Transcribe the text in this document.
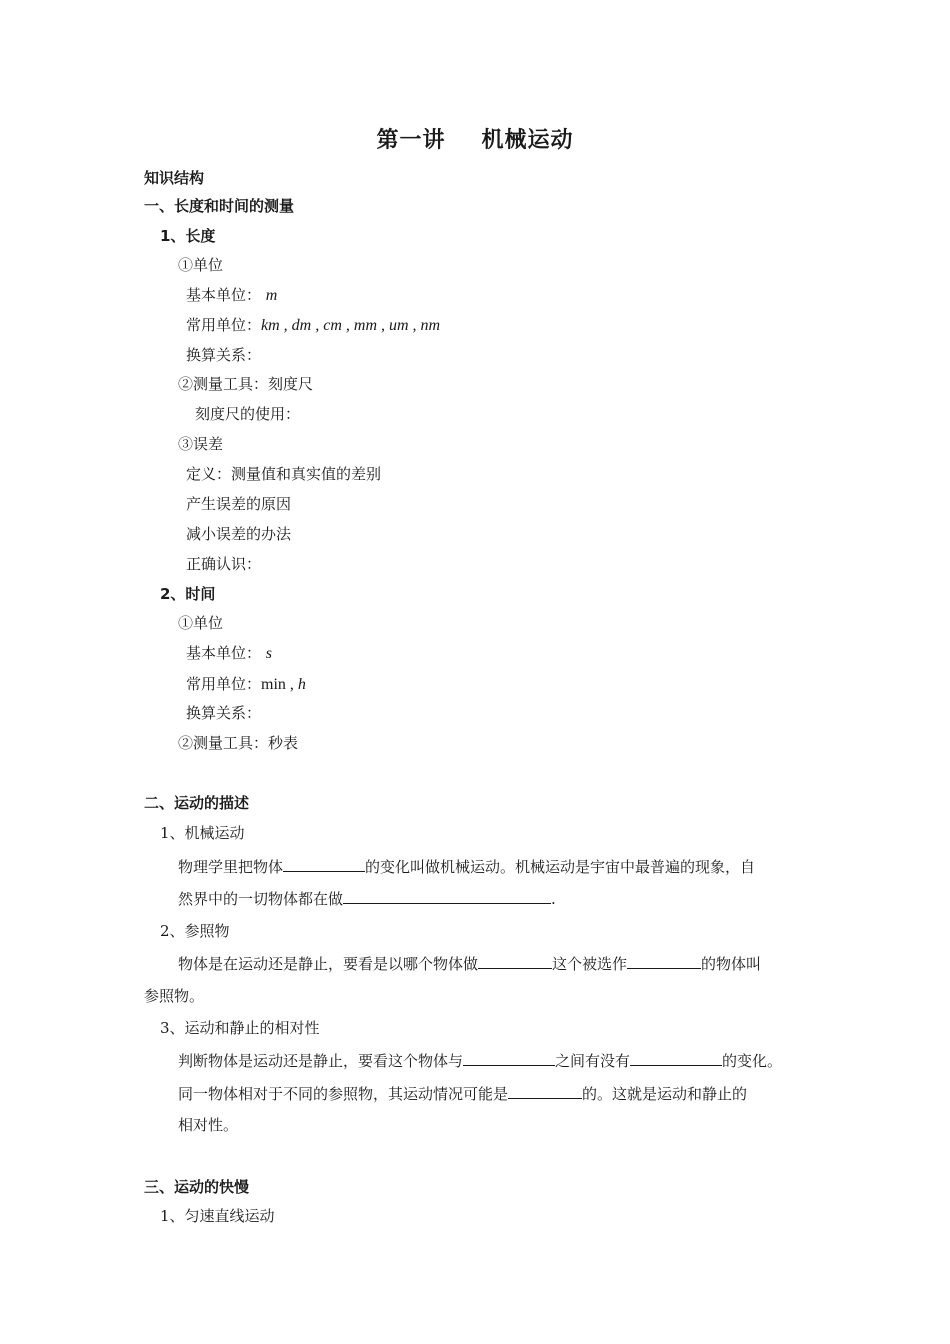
第一讲 机械运动
知识结构
一、长度和时间的测量
1、长度
①单位
基本单位： m
常用单位：km , dm , cm , mm , um , nm
换算关系：
②测量工具：刻度尺
刻度尺的使用：
③误差
定义：测量值和真实值的差别
产生误差的原因
减小误差的办法
正确认识：
2、时间
①单位
基本单位： s
常用单位：min , h
换算关系：
②测量工具：秒表
二、运动的描述
1、机械运动
物理学里把物体	的变化叫做机械运动。机械运动是宇宙中最普遍的现象，自
然界中的一切物体都在做	.
2、参照物
物体是在运动还是静止，要看是以哪个物体做	这个被选作	的物体叫
参照物。
3、运动和静止的相对性
判断物体是运动还是静止，要看这个物体与	之间有没有	的变化。
同一物体相对于不同的参照物，其运动情况可能是	的。这就是运动和静止的
相对性。
三、运动的快慢
1、匀速直线运动
